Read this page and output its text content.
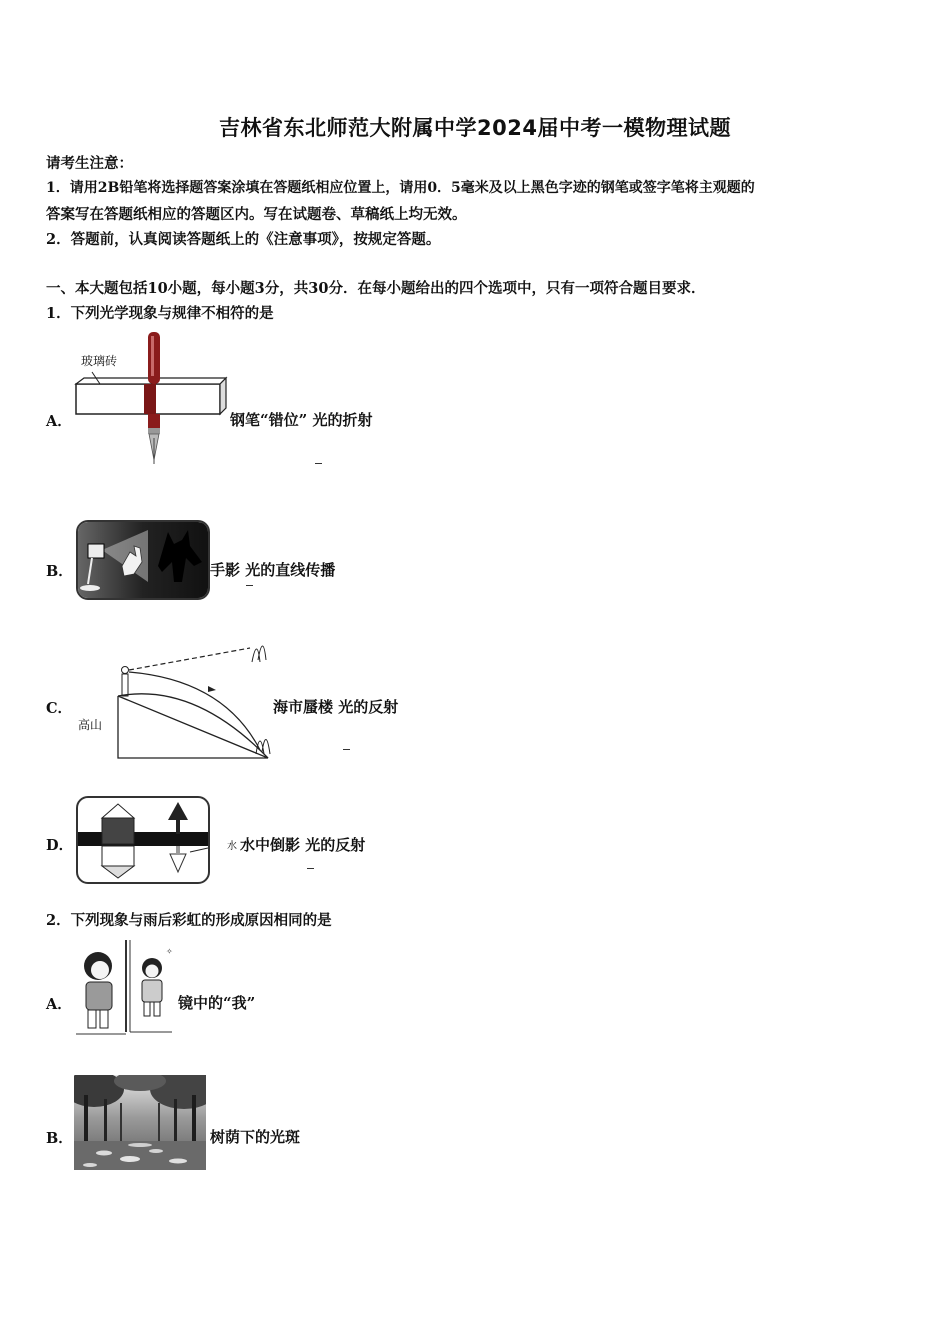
吉林省东北师范大附属中学2024届中考一模物理试题
请考生注意：
1．请用2B铅笔将选择题答案涂填在答题纸相应位置上，请用0．5毫米及以上黑色字迹的钢笔或签字笔将主观题的
答案写在答题纸相应的答题区内。写在试题卷、草稿纸上均无效。
2．答题前，认真阅读答题纸上的《注意事项》，按规定答题。
一、本大题包括10小题，每小题3分，共30分．在每小题给出的四个选项中，只有一项符合题目要求．
1．下列光学现象与规律不相符的是
A．
玻璃砖
钢笔“错位” 光的折射
B．	手影 光的直线传播
C．
高山
海市蜃楼 光的反射
D．	水 水中倒影 光的反射
2．下列现象与雨后彩虹的形成原因相同的是
A．
✧
镜中的“我”
B．	树荫下的光斑
